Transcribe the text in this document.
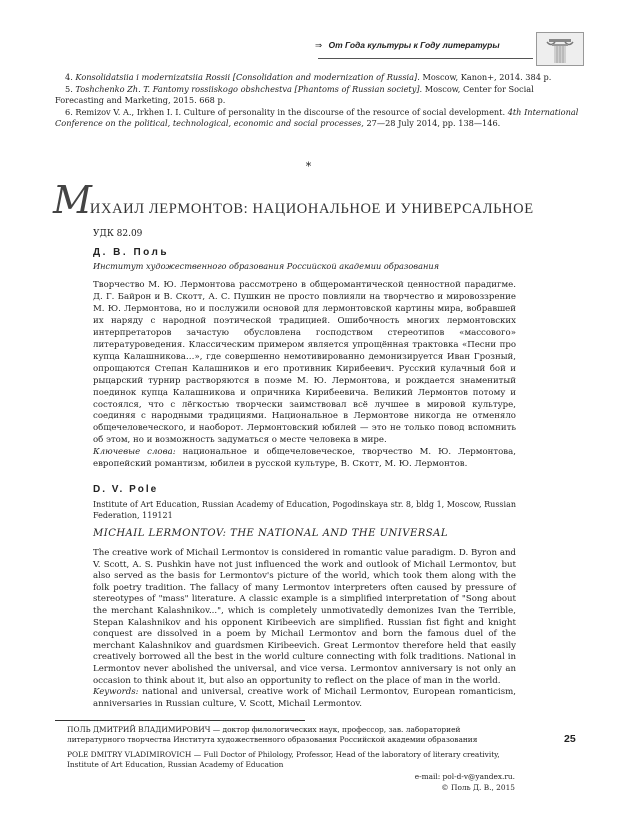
⇒ От Года культуры к Году литературы

4. Konsolidatsiia i modernizatsiia Rossii [Consolidation and modernization of Russia]. Moscow, Kanon+, 2014. 384 p.

5. Toshchenko Zh. T. Fantomy rossiiskogo obshchestva [Phantoms of Russian society]. Moscow, Center for Social Forecasting and Marketing, 2015. 668 p.

6. Remizov V. A., Irkhen I. I. Culture of personality in the discourse of the resource of social development. 4th International Conference on the political, technological, economic and social processes, 27—28 July 2014, pp. 138—146.

*
МИХАИЛ ЛЕРМОНТОВ: НАЦИОНАЛЬНОЕ И УНИВЕРСАЛЬНОЕ
УДК 82.09
Д. В. Поль
Институт художественного образования Российской академии образования
Творчество М. Ю. Лермонтова рассмотрено в общеромантической ценностной парадигме. Д. Г. Байрон и В. Скотт, А. С. Пушкин не просто повлияли на творчество и мировоззрение М. Ю. Лермонтова, но и послужили основой для лермонтовской картины мира, вобравшей их наряду с народной поэтической традицией. Ошибочность многих лермонтовских интерпретаторов зачастую обусловлена господством стереотипов «массового» литературоведения. Классическим примером является упрощённая трактовка «Песни про купца Калашникова…», где совершенно немотивированно демонизируется Иван Грозный, опрощаются Степан Калашников и его противник Кирибеевич. Русский кулачный бой и рыцарский турнир растворяются в поэме М. Ю. Лермонтова, и рождается знаменитый поединок купца Калашникова и опричника Кирибеевича. Великий Лермонтов потому и состоялся, что с лёгкостью творчески заимствовал всё лучшее в мировой культуре, соединяя с народными традициями. Национальное в Лермонтове никогда не отменяло общечеловеческого, и наоборот. Лермонтовский юбилей — это не только повод вспомнить об этом, но и возможность задуматься о месте человека в мире.
Ключевые слова: национальное и общечеловеческое, творчество М. Ю. Лермонтова, европейский романтизм, юбилеи в русской культуре, В. Скотт, М. Ю. Лермонтов.
D. V. Pole
Institute of Art Education, Russian Academy of Education, Pogodinskaya str. 8, bldg 1, Moscow, Russian Federation, 119121
MICHAIL LERMONTOV: THE NATIONAL AND THE UNIVERSAL
The creative work of Michail Lermontov is considered in romantic value paradigm. D. Byron and V. Scott, A. S. Pushkin have not just influenced the work and outlook of Michail Lermontov, but also served as the basis for Lermontov's picture of the world, which took them along with the folk poetry tradition. The fallacy of many Lermontov interpreters often caused by pressure of stereotypes of "mass" literature. A classic example is a simplified interpretation of "Song about the merchant Kalashnikov...", which is completely unmotivatedly demonizes Ivan the Terrible, Stepan Kalashnikov and his opponent Kiribeevich are simplified. Russian fist fight and knight conquest are dissolved in a poem by Michail Lermontov and born the famous duel of the merchant Kalashnikov and guardsmen Kiribeevich. Great Lermontov therefore held that easily creatively borrowed all the best in the world culture connecting with folk traditions. National in Lermontov never abolished the universal, and vice versa. Lermontov anniversary is not only an occasion to think about it, but also an opportunity to reflect on the place of man in the world.
Keywords: national and universal, creative work of Michail Lermontov, European romanticism, anniversaries in Russian culture, V. Scott, Michail Lermontov.
ПОЛЬ ДМИТРИЙ ВЛАДИМИРОВИЧ — доктор филологических наук, профессор, зав. лабораторией литературного творчества Института художественного образования Российской академии образования
POLE DMITRY VLADIMIROVICH — Full Doctor of Philology, Professor, Head of the laboratory of literary creativity, Institute of Art Education, Russian Academy of Education
e-mail: pol-d-v@yandex.ru.
© Поль Д. В., 2015
25
